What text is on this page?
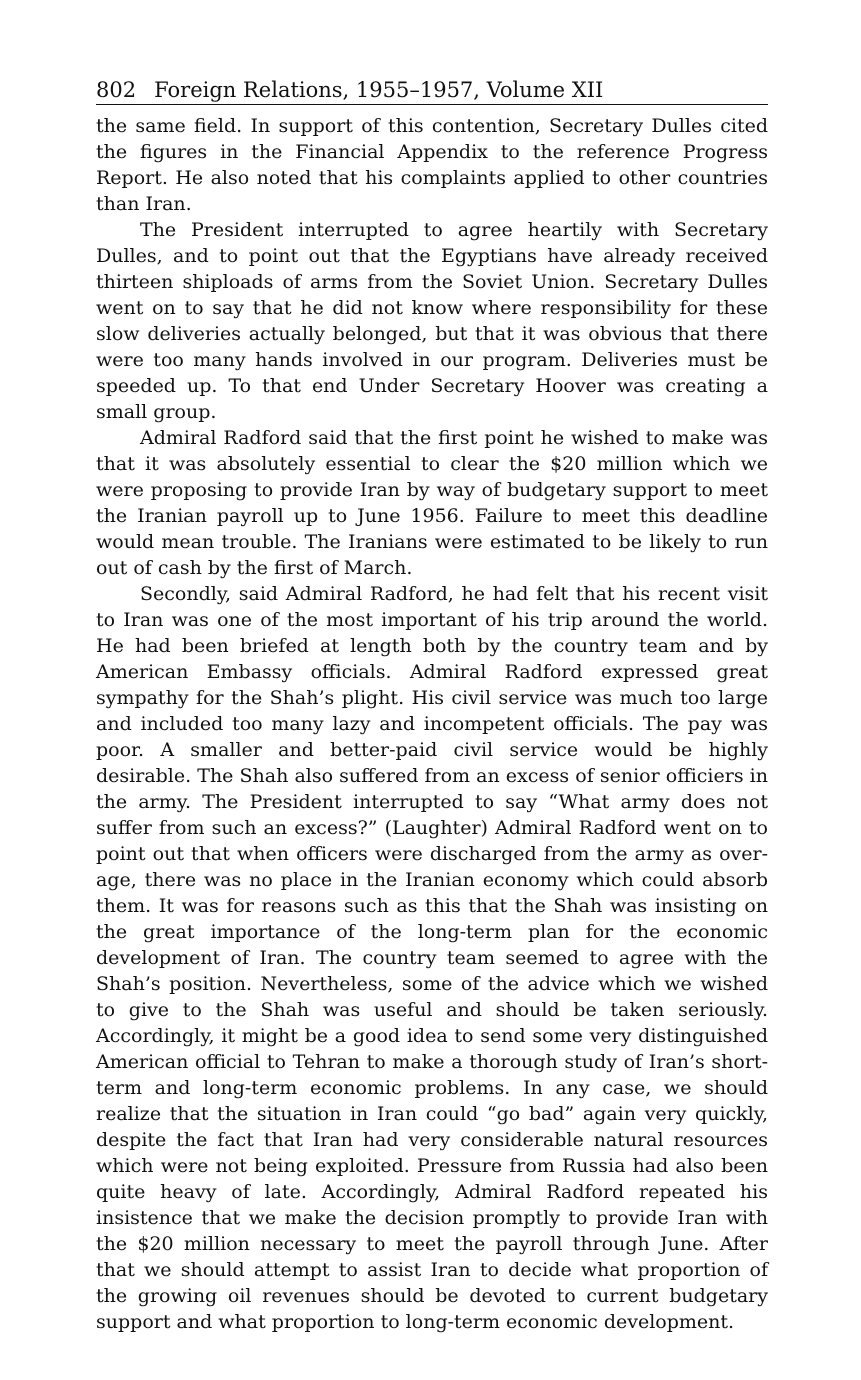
802 Foreign Relations, 1955–1957, Volume XII

the same field. In support of this contention, Secretary Dulles cited the figures in the Financial Appendix to the reference Progress Report. He also noted that his complaints applied to other countries than Iran.

The President interrupted to agree heartily with Secretary Dulles, and to point out that the Egyptians have already received thirteen shiploads of arms from the Soviet Union. Secretary Dulles went on to say that he did not know where responsibility for these slow deliveries actually belonged, but that it was obvious that there were too many hands involved in our program. Deliveries must be speeded up. To that end Under Secretary Hoover was creating a small group.

Admiral Radford said that the first point he wished to make was that it was absolutely essential to clear the $20 million which we were proposing to provide Iran by way of budgetary support to meet the Iranian payroll up to June 1956. Failure to meet this deadline would mean trouble. The Iranians were estimated to be likely to run out of cash by the first of March.

Secondly, said Admiral Radford, he had felt that his recent visit to Iran was one of the most important of his trip around the world. He had been briefed at length both by the country team and by American Embassy officials. Admiral Radford expressed great sympathy for the Shah’s plight. His civil service was much too large and included too many lazy and incompetent officials. The pay was poor. A smaller and better-paid civil service would be highly desirable. The Shah also suffered from an excess of senior officiers in the army. The President interrupted to say “What army does not suffer from such an excess?” (Laughter) Admiral Radford went on to point out that when officers were discharged from the army as over-age, there was no place in the Iranian economy which could absorb them. It was for reasons such as this that the Shah was insisting on the great importance of the long-term plan for the economic development of Iran. The country team seemed to agree with the Shah’s position. Nevertheless, some of the advice which we wished to give to the Shah was useful and should be taken seriously. Accordingly, it might be a good idea to send some very distinguished American official to Tehran to make a thorough study of Iran’s short-term and long-term economic problems. In any case, we should realize that the situation in Iran could “go bad” again very quickly, despite the fact that Iran had very considerable natural resources which were not being exploited. Pressure from Russia had also been quite heavy of late. Accordingly, Admiral Radford repeated his insistence that we make the decision promptly to provide Iran with the $20 million necessary to meet the payroll through June. After that we should attempt to assist Iran to decide what proportion of the growing oil revenues should be devoted to current budgetary support and what proportion to long-term economic development.
